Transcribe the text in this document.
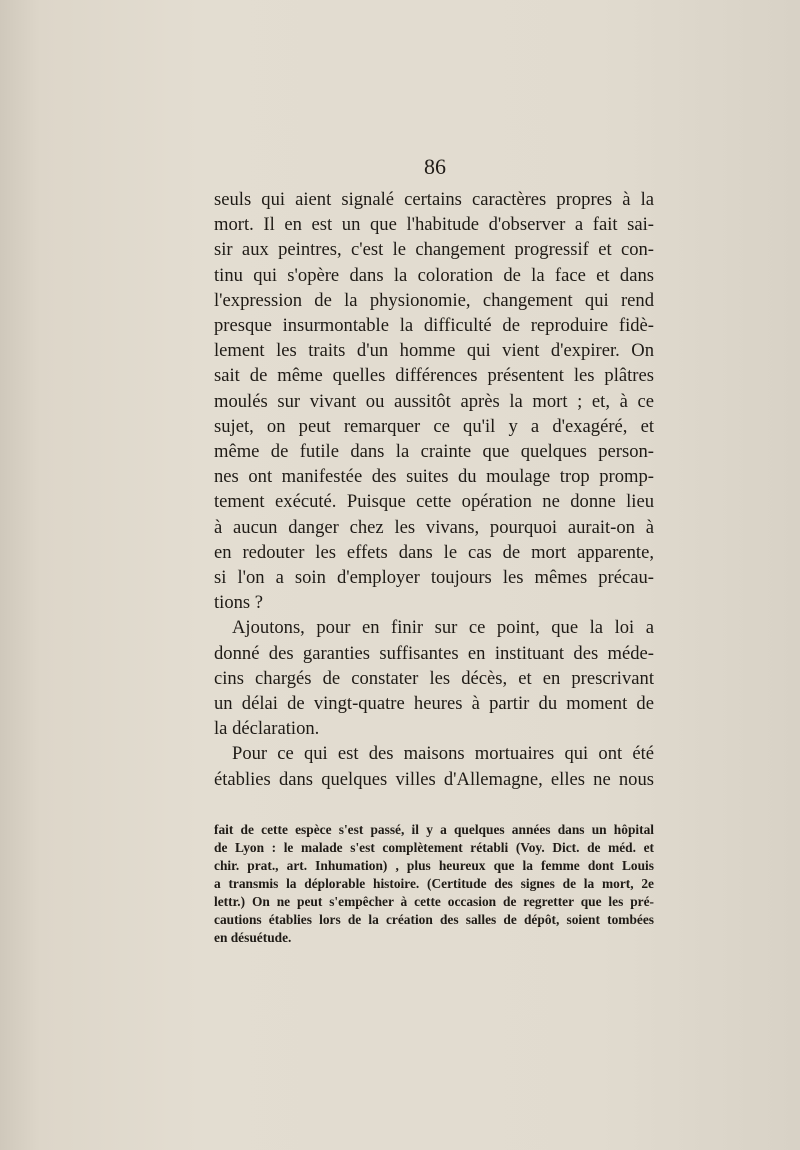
86
seuls qui aient signalé certains caractères propres à la
mort. Il en est un que l'habitude d'observer a fait sai-
sir aux peintres, c'est le changement progressif et con-
tinu qui s'opère dans la coloration de la face et dans
l'expression de la physionomie, changement qui rend
presque insurmontable la difficulté de reproduire fidè-
lement les traits d'un homme qui vient d'expirer. On
sait de même quelles différences présentent les plâtres
moulés sur vivant ou aussitôt après la mort ; et, à ce
sujet, on peut remarquer ce qu'il y a d'exagéré, et
même de futile dans la crainte que quelques person-
nes ont manifestée des suites du moulage trop promp-
tement exécuté. Puisque cette opération ne donne lieu
à aucun danger chez les vivans, pourquoi aurait-on à
en redouter les effets dans le cas de mort apparente,
si l'on a soin d'employer toujours les mêmes précau-
tions ?
Ajoutons, pour en finir sur ce point, que la loi a
donné des garanties suffisantes en instituant des méde-
cins chargés de constater les décès, et en prescrivant
un délai de vingt-quatre heures à partir du moment de
la déclaration.
Pour ce qui est des maisons mortuaires qui ont été
établies dans quelques villes d'Allemagne, elles ne nous
fait de cette espèce s'est passé, il y a quelques années dans un hôpital
de Lyon : le malade s'est complètement rétabli (Voy. Dict. de méd. et
chir. prat., art. Inhumation) , plus heureux que la femme dont Louis
a transmis la déplorable histoire. (Certitude des signes de la mort, 2e
lettr.) On ne peut s'empêcher à cette occasion de regretter que les pré-
cautions établies lors de la création des salles de dépôt, soient tombées
en désuétude.
